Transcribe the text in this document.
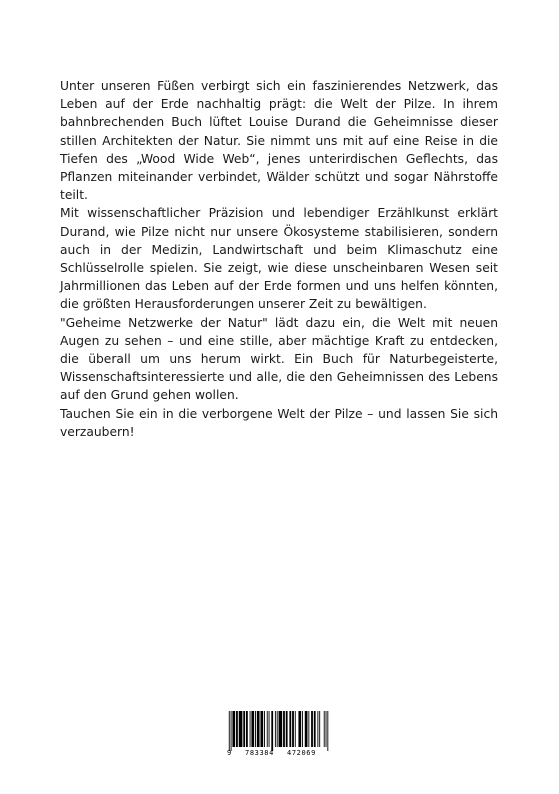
Unter unseren Füßen verbirgt sich ein faszinierendes Netzwerk, das Leben auf der Erde nachhaltig prägt: die Welt der Pilze. In ihrem bahnbrechenden Buch lüftet Louise Durand die Geheimnisse dieser stillen Architekten der Natur. Sie nimmt uns mit auf eine Reise in die Tiefen des „Wood Wide Web“, jenes unterirdischen Geflechts, das Pflanzen miteinander verbindet, Wälder schützt und sogar Nährstoffe teilt.

Mit wissenschaftlicher Präzision und lebendiger Erzählkunst erklärt Durand, wie Pilze nicht nur unsere Ökosysteme stabilisieren, sondern auch in der Medizin, Landwirtschaft und beim Klimaschutz eine Schlüsselrolle spielen. Sie zeigt, wie diese unscheinbaren Wesen seit Jahrmillionen das Leben auf der Erde formen und uns helfen könnten, die größten Herausforderungen unserer Zeit zu bewältigen.

"Geheime Netzwerke der Natur" lädt dazu ein, die Welt mit neuen Augen zu sehen – und eine stille, aber mächtige Kraft zu entdecken, die überall um uns herum wirkt. Ein Buch für Naturbegeisterte, Wissenschaftsinteressierte und alle, die den Geheimnissen des Lebens auf den Grund gehen wollen.

Tauchen Sie ein in die verborgene Welt der Pilze – und lassen Sie sich verzaubern!

9 783384 472069
